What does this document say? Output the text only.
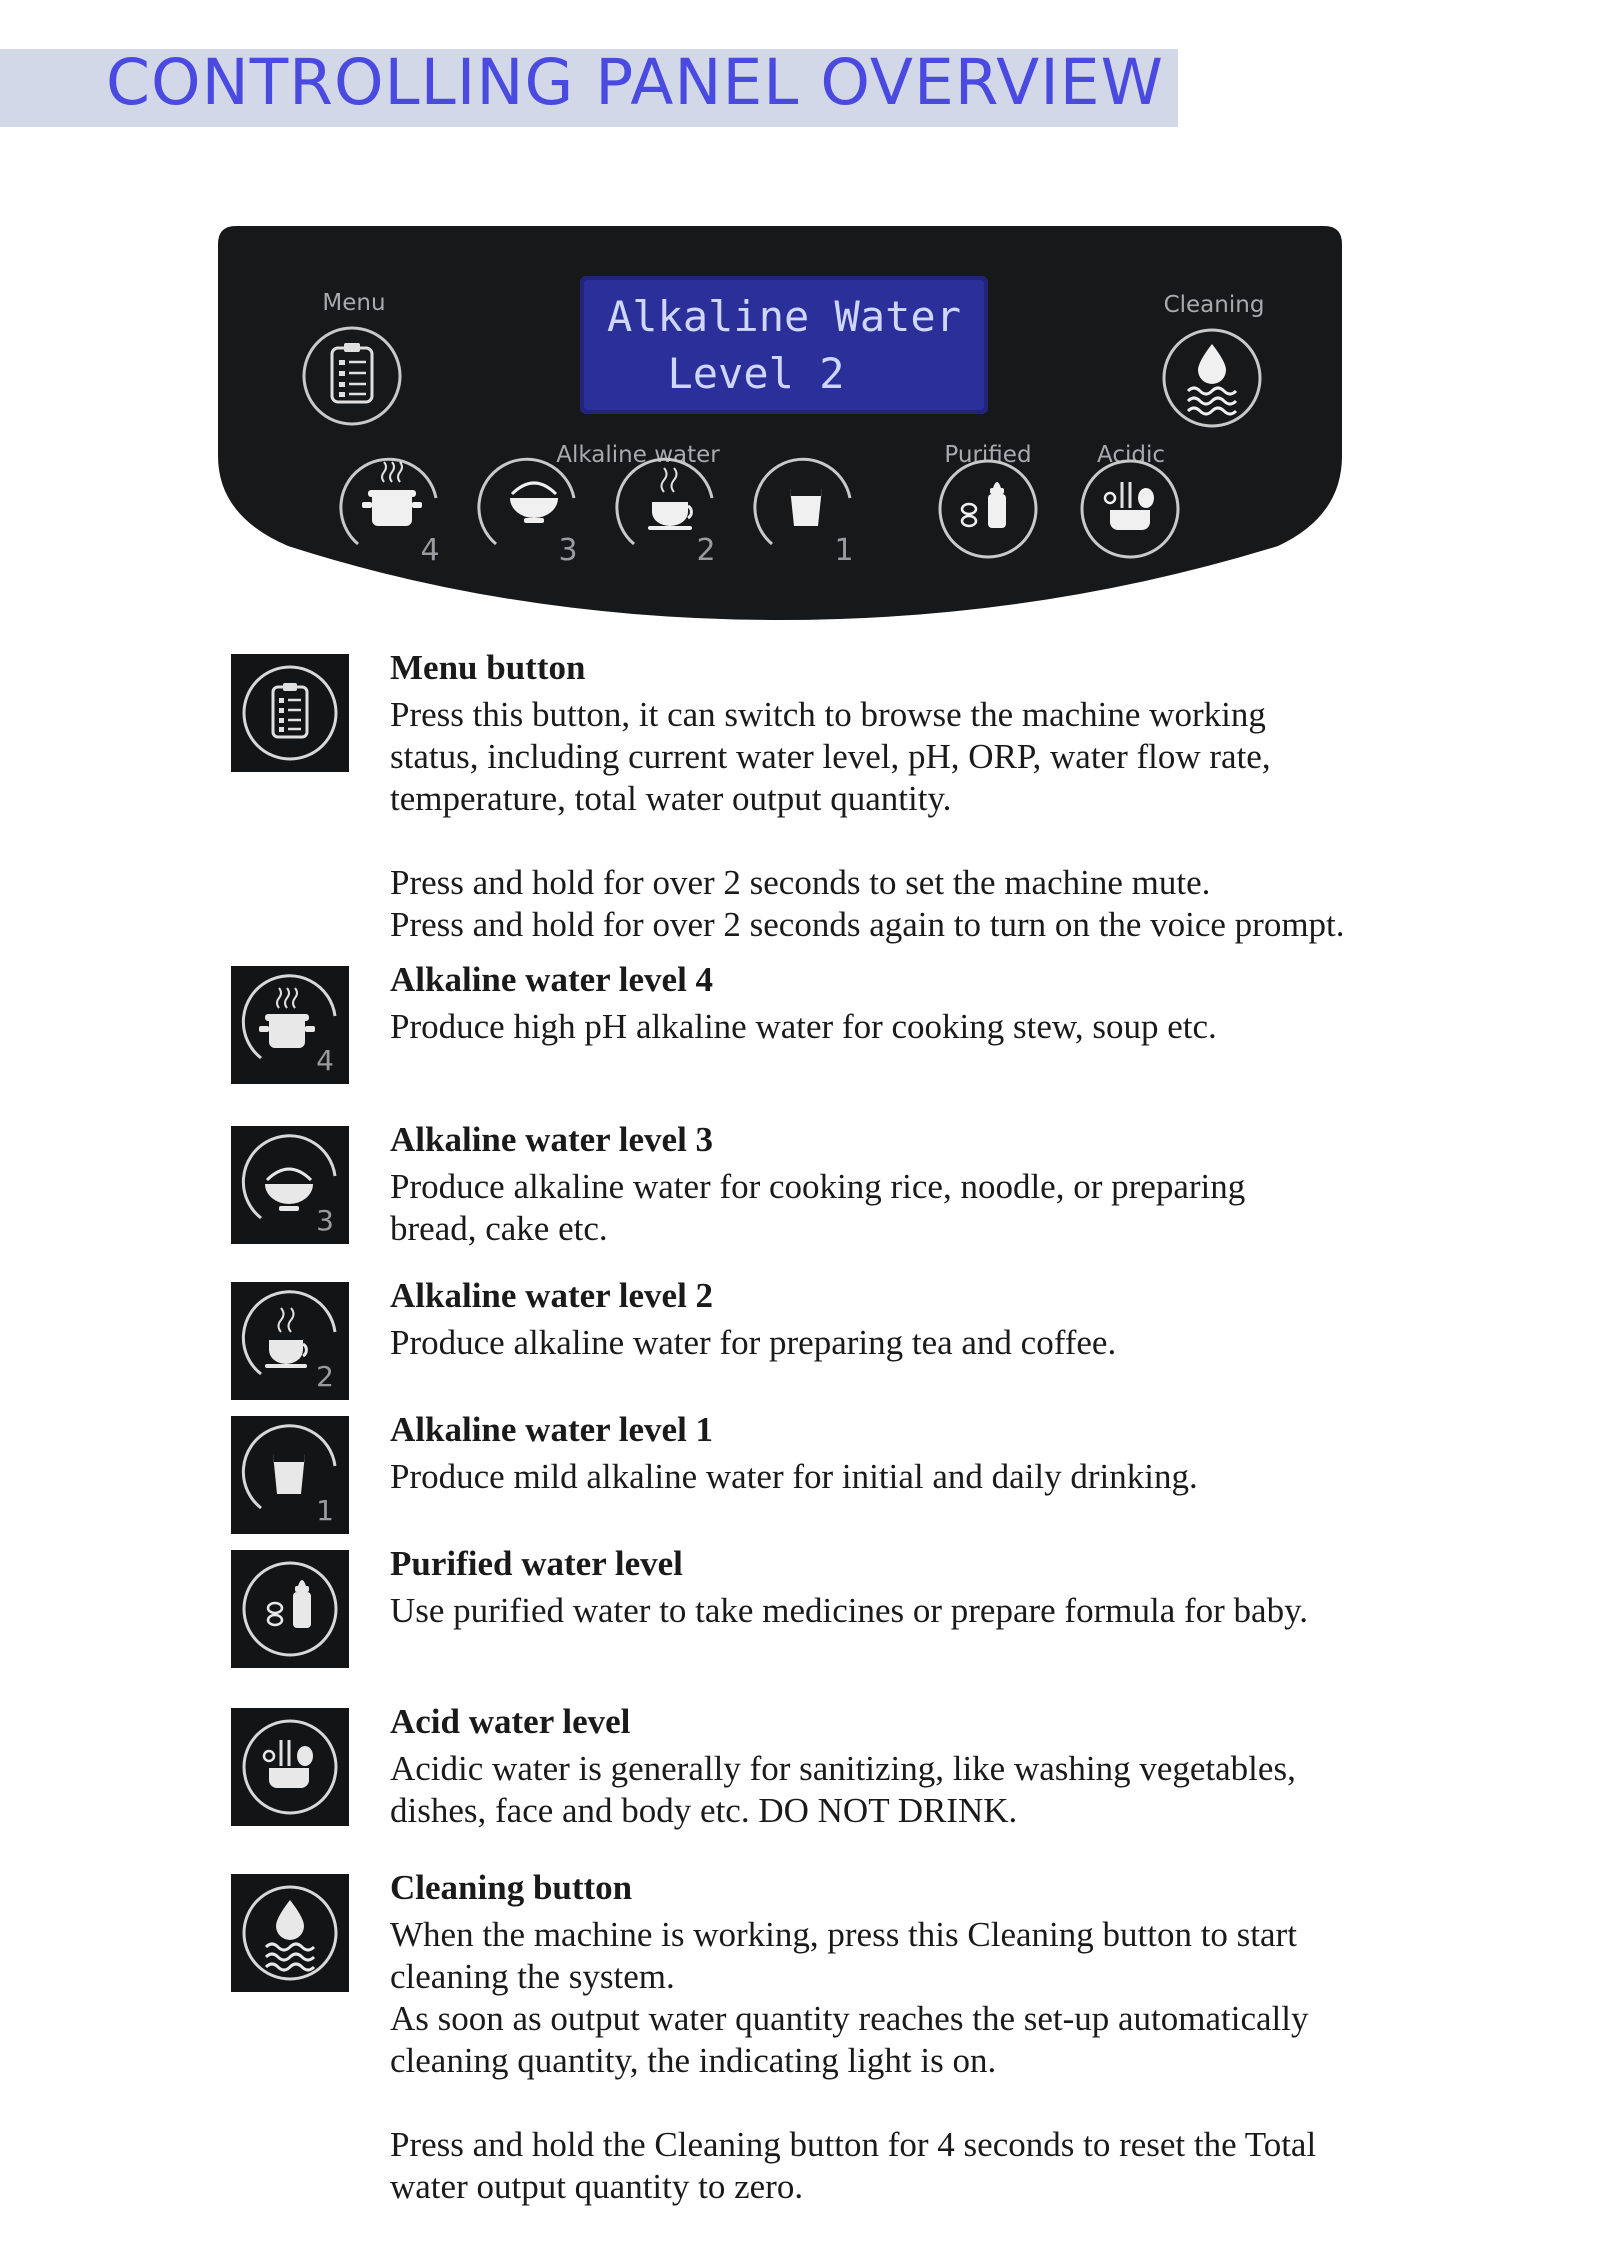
CONTROLLING PANEL OVERVIEW
Alkaline Water
Level 2
Menu	Cleaning
Alkaline water	Purified	Acidic
4	3	2	1
Menu button

Press this button, it can switch to browse the machine working
status, including current water level, pH, ORP, water flow rate,
temperature, total water output quantity.

Press and hold for over 2 seconds to set the machine mute.
Press and hold for over 2 seconds again to turn on the voice prompt.

4
Alkaline water level 4

Produce high pH alkaline water for cooking stew, soup etc.

3
Alkaline water level 3

Produce alkaline water for cooking rice, noodle, or preparing
bread, cake etc.

2
Alkaline water level 2

Produce alkaline water for preparing tea and coffee.

1
Alkaline water level 1

Produce mild alkaline water for initial and daily drinking.

Purified water level

Use purified water to take medicines or prepare formula for baby.

Acid water level

Acidic water is generally for sanitizing, like washing vegetables,
dishes, face and body etc. DO NOT DRINK.

Cleaning button

When the machine is working, press this Cleaning button to start
cleaning the system.
As soon as output water quantity reaches the set-up automatically
cleaning quantity, the indicating light is on.

Press and hold the Cleaning button for 4 seconds to reset the Total
water output quantity to zero.
